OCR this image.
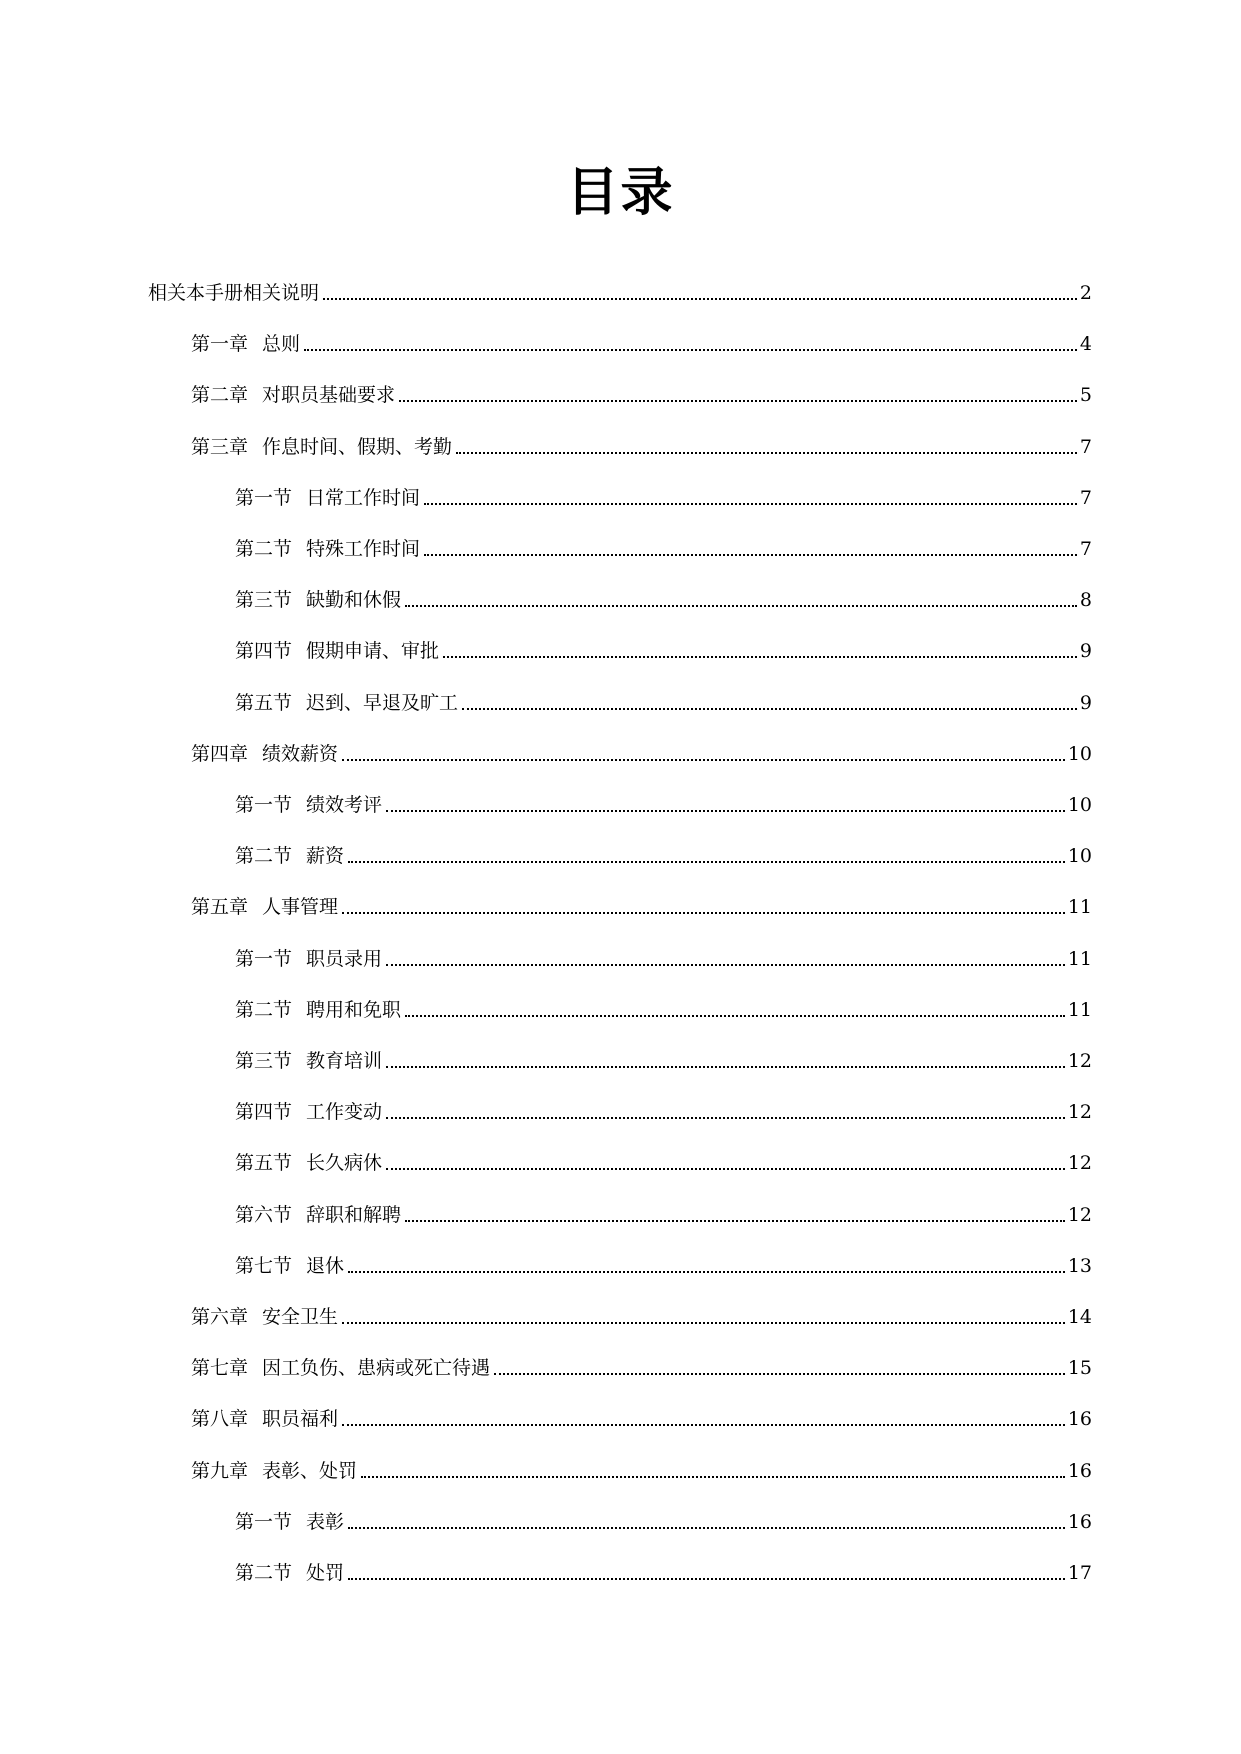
目录
相关本手册相关说明	2
第一章 总则	4
第二章 对职员基础要求	5
第三章 作息时间、假期、考勤	7
第一节 日常工作时间	7
第二节 特殊工作时间	7
第三节 缺勤和休假	8
第四节 假期申请、审批	9
第五节 迟到、早退及旷工	9
第四章 绩效薪资	10
第一节 绩效考评	10
第二节 薪资	10
第五章 人事管理	11
第一节 职员录用	11
第二节 聘用和免职	11
第三节 教育培训	12
第四节 工作变动	12
第五节 长久病休	12
第六节 辞职和解聘	12
第七节 退休	13
第六章 安全卫生	14
第七章 因工负伤、患病或死亡待遇	15
第八章 职员福利	16
第九章 表彰、处罚	16
第一节 表彰	16
第二节 处罚	17
